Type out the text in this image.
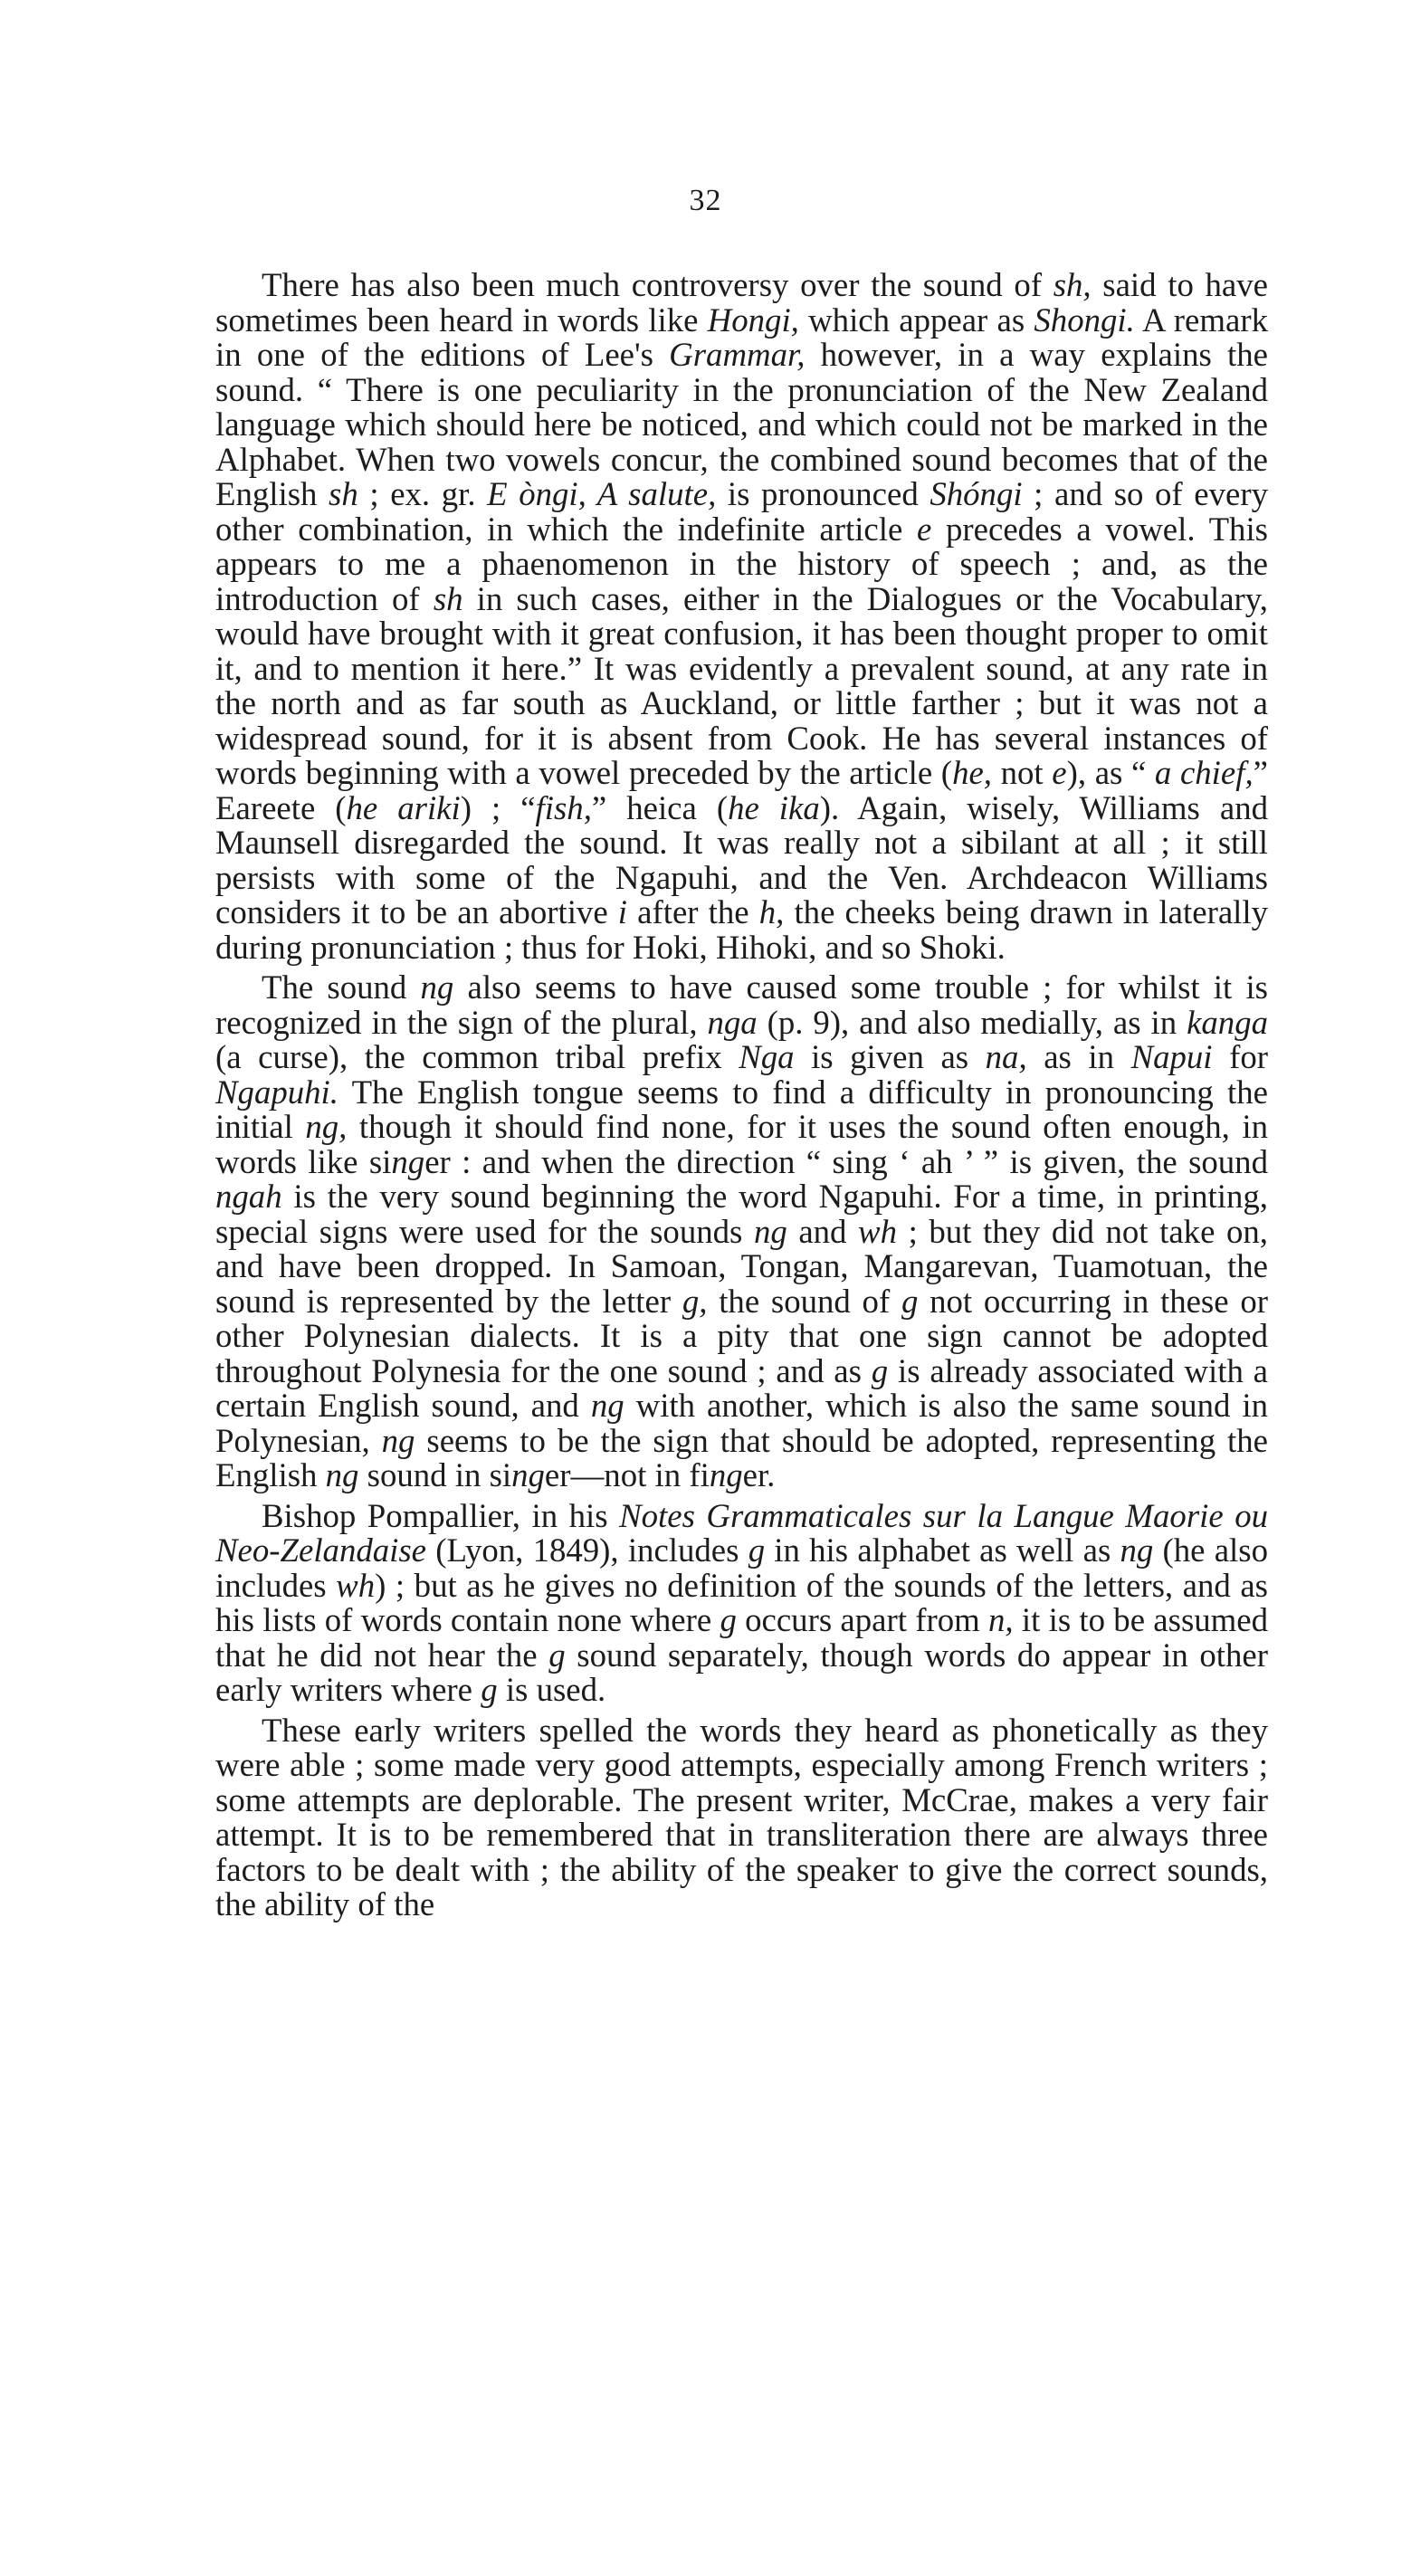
32

There has also been much controversy over the sound of sh, said to have sometimes been heard in words like Hongi, which appear as Shongi. A remark in one of the editions of Lee's Grammar, however, in a way explains the sound. “ There is one peculiarity in the pronunciation of the New Zealand language which should here be noticed, and which could not be marked in the Alphabet. When two vowels concur, the combined sound becomes that of the English sh ; ex. gr. E òngi, A salute, is pronounced Shóngi ; and so of every other combination, in which the indefinite article e precedes a vowel. This appears to me a phaenomenon in the history of speech ; and, as the introduction of sh in such cases, either in the Dialogues or the Vocabulary, would have brought with it great confusion, it has been thought proper to omit it, and to mention it here.” It was evidently a prevalent sound, at any rate in the north and as far south as Auckland, or little farther ; but it was not a widespread sound, for it is absent from Cook. He has several instances of words beginning with a vowel preceded by the article (he, not e), as “ a chief,” Eareete (he ariki) ; “fish,” heica (he ika). Again, wisely, Williams and Maunsell disregarded the sound. It was really not a sibilant at all ; it still persists with some of the Ngapuhi, and the Ven. Archdeacon Williams considers it to be an abortive i after the h, the cheeks being drawn in laterally during pronunciation ; thus for Hoki, Hihoki, and so Shoki.

The sound ng also seems to have caused some trouble ; for whilst it is recognized in the sign of the plural, nga (p. 9), and also medially, as in kanga (a curse), the common tribal prefix Nga is given as na, as in Napui for Ngapuhi. The English tongue seems to find a difficulty in pronouncing the initial ng, though it should find none, for it uses the sound often enough, in words like singer : and when the direction “ sing ‘ ah ’ ” is given, the sound ngah is the very sound beginning the word Ngapuhi. For a time, in printing, special signs were used for the sounds ng and wh ; but they did not take on, and have been dropped. In Samoan, Tongan, Mangarevan, Tuamotuan, the sound is represented by the letter g, the sound of g not occurring in these or other Polynesian dialects. It is a pity that one sign cannot be adopted throughout Polynesia for the one sound ; and as g is already associated with a certain English sound, and ng with another, which is also the same sound in Polynesian, ng seems to be the sign that should be adopted, representing the English ng sound in singer—not in finger.

Bishop Pompallier, in his Notes Grammaticales sur la Langue Maorie ou Neo-Zelandaise (Lyon, 1849), includes g in his alphabet as well as ng (he also includes wh) ; but as he gives no definition of the sounds of the letters, and as his lists of words contain none where g occurs apart from n, it is to be assumed that he did not hear the g sound separately, though words do appear in other early writers where g is used.

These early writers spelled the words they heard as phonetically as they were able ; some made very good attempts, especially among French writers ; some attempts are deplorable. The present writer, McCrae, makes a very fair attempt. It is to be remembered that in transliteration there are always three factors to be dealt with ; the ability of the speaker to give the correct sounds, the ability of the
